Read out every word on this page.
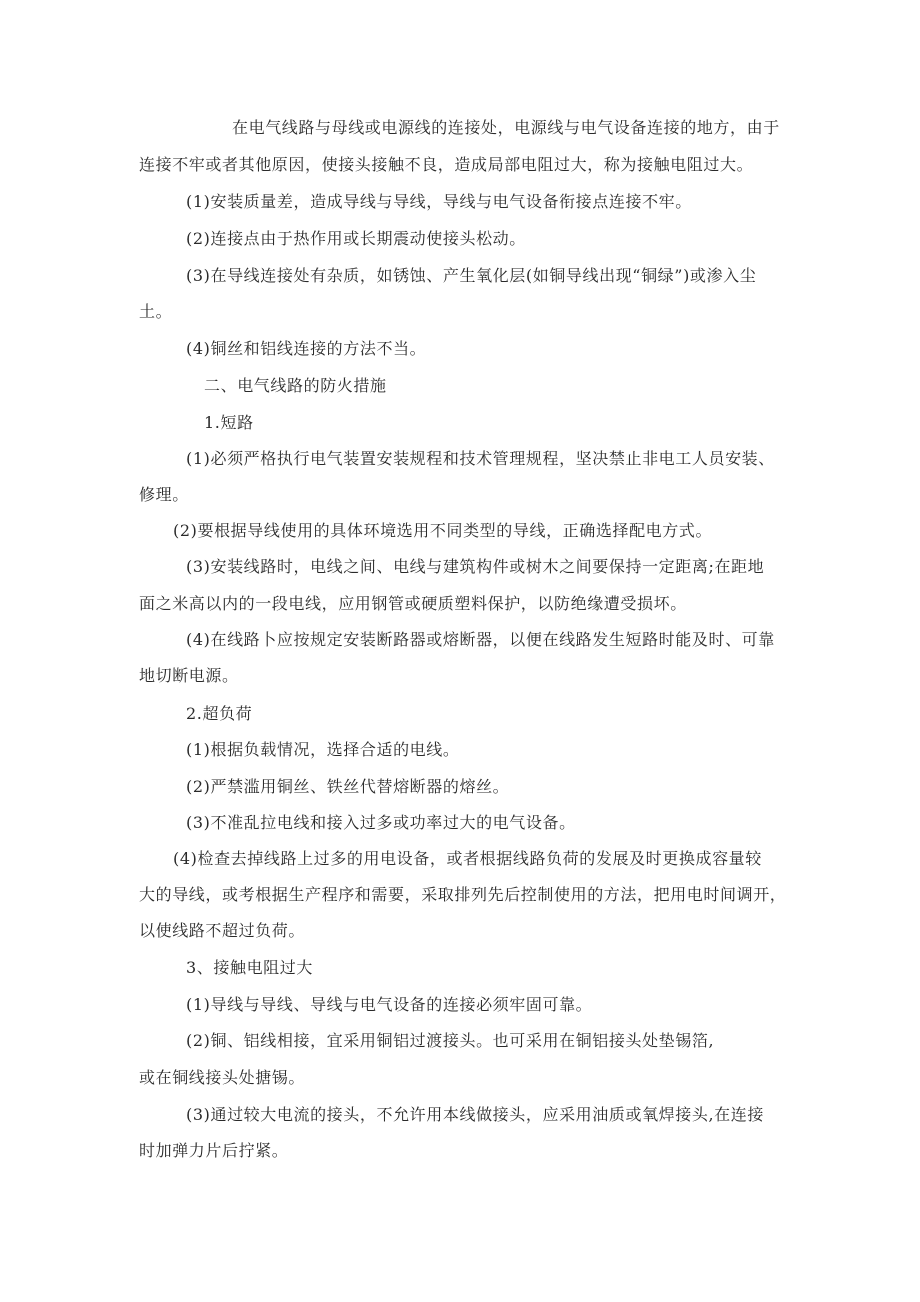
在电气线路与母线或电源线的连接处，电源线与电气设备连接的地方，由于
连接不牢或者其他原因，使接头接触不良，造成局部电阻过大，称为接触电阻过大。
(1)安装质量差，造成导线与导线，导线与电气设备衔接点连接不牢。
(2)连接点由于热作用或长期震动使接头松动。
(3)在导线连接处有杂质，如锈蚀、产生氧化层(如铜导线出现“铜绿”)或渗入尘
土。
(4)铜丝和铝线连接的方法不当。
二、电气线路的防火措施
1.短路
(1)必须严格执行电气装置安装规程和技术管理规程，坚决禁止非电工人员安装、
修理。
(2)要根据导线使用的具体环境选用不同类型的导线，正确选择配电方式。
(3)安装线路时，电线之间、电线与建筑构件或树木之间要保持一定距离;在距地
面之米高以内的一段电线，应用钢管或硬质塑料保护，以防绝缘遭受损坏。
(4)在线路卜应按规定安装断路器或熔断器，以便在线路发生短路时能及时、可靠
地切断电源。
2.超负荷
(1)根据负载情况，选择合适的电线。
(2)严禁滥用铜丝、铁丝代替熔断器的熔丝。
(3)不准乱拉电线和接入过多或功率过大的电气设备。
(4)检查去掉线路上过多的用电设备，或者根据线路负荷的发展及时更换成容量较
大的导线，或考根据生产程序和需要，采取排列先后控制使用的方法，把用电时间调开，
以使线路不超过负荷。
3、接触电阻过大
(1)导线与导线、导线与电气设备的连接必须牢固可靠。
(2)铜、铝线相接，宜采用铜铝过渡接头。也可采用在铜铝接头处垫锡箔,
或在铜线接头处搪锡。
(3)通过较大电流的接头，不允许用本线做接头，应采用油质或氧焊接头,在连接
时加弹力片后拧紧。
